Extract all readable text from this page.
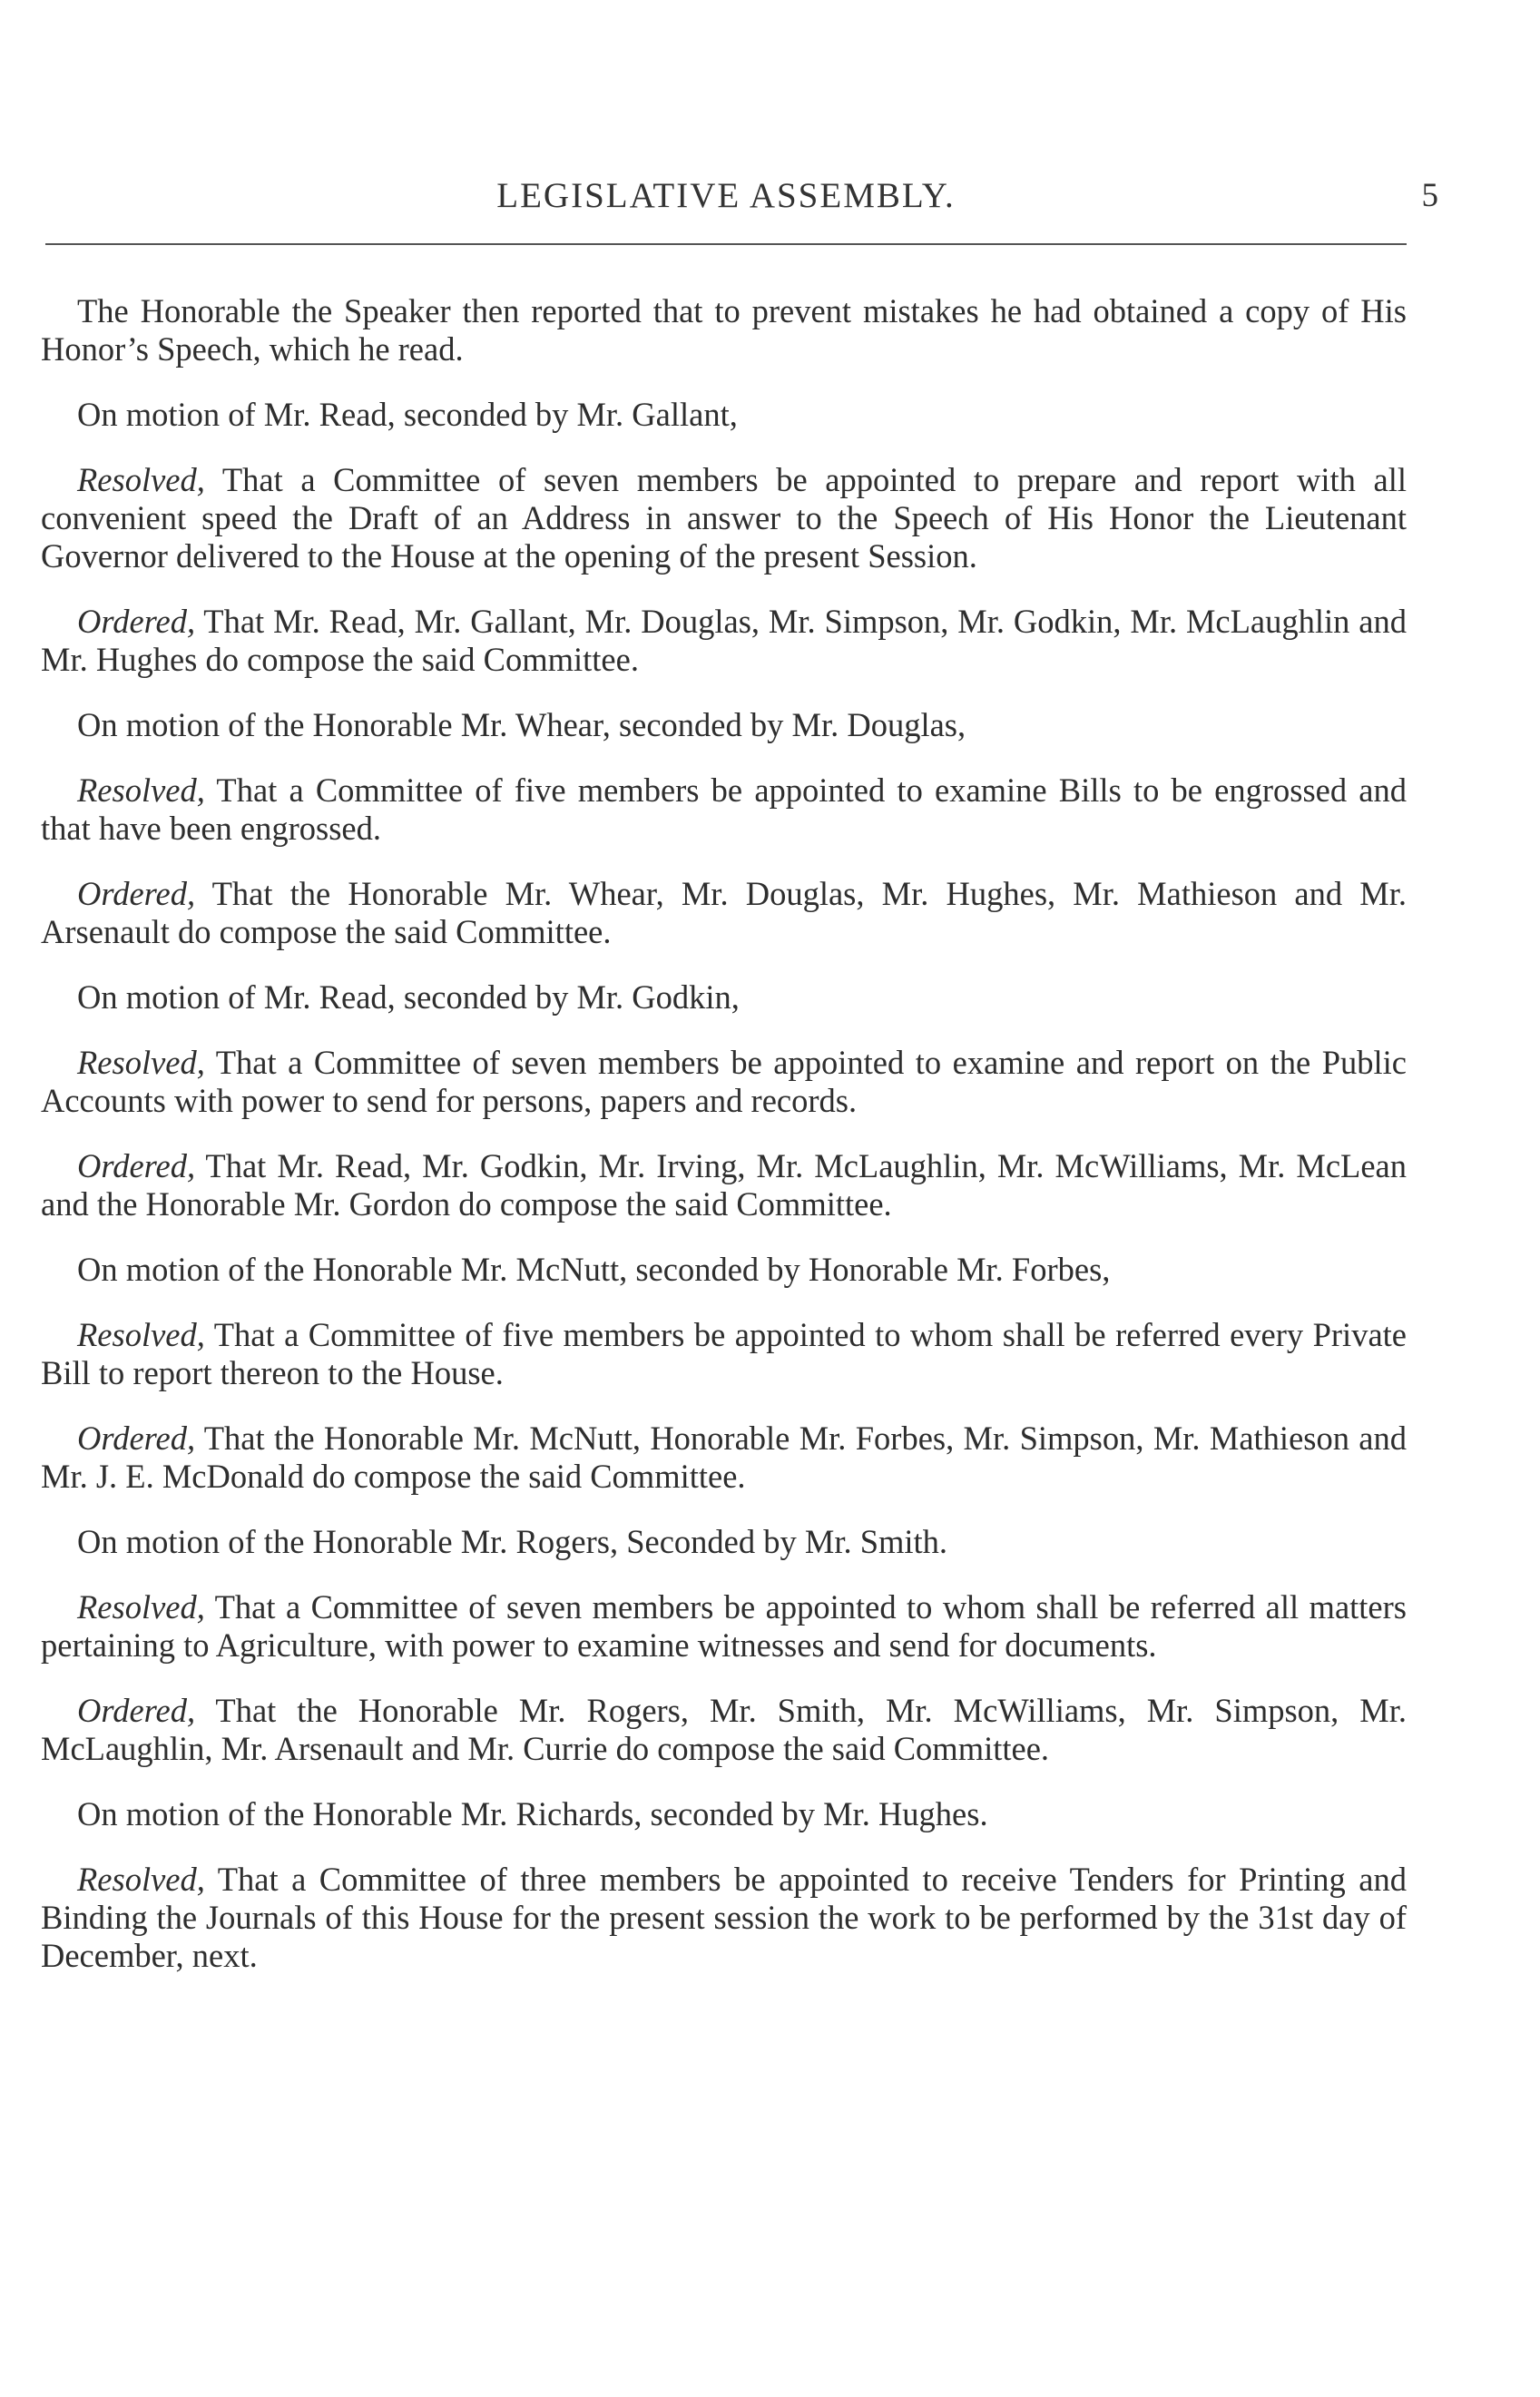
LEGISLATIVE ASSEMBLY.	5

The Honorable the Speaker then reported that to prevent mistakes he had obtained a copy of His Honor’s Speech, which he read.

On motion of Mr. Read, seconded by Mr. Gallant,

Resolved, That a Committee of seven members be appointed to prepare and report with all convenient speed the Draft of an Address in answer to the Speech of His Honor the Lieutenant Governor delivered to the House at the opening of the present Session.

Ordered, That Mr. Read, Mr. Gallant, Mr. Douglas, Mr. Simpson, Mr. Godkin, Mr. McLaughlin and Mr. Hughes do compose the said Committee.

On motion of the Honorable Mr. Whear, seconded by Mr. Douglas,

Resolved, That a Committee of five members be appointed to examine Bills to be engrossed and that have been engrossed.

Ordered, That the Honorable Mr. Whear, Mr. Douglas, Mr. Hughes, Mr. Mathieson and Mr. Arsenault do compose the said Committee.

On motion of Mr. Read, seconded by Mr. Godkin,

Resolved, That a Committee of seven members be appointed to examine and report on the Public Accounts with power to send for persons, papers and records.

Ordered, That Mr. Read, Mr. Godkin, Mr. Irving, Mr. McLaughlin, Mr. McWilliams, Mr. McLean and the Honorable Mr. Gordon do compose the said Committee.

On motion of the Honorable Mr. McNutt, seconded by Honorable Mr. Forbes,

Resolved, That a Committee of five members be appointed to whom shall be referred every Private Bill to report thereon to the House.

Ordered, That the Honorable Mr. McNutt, Honorable Mr. Forbes, Mr. Simpson, Mr. Mathieson and Mr. J. E. McDonald do compose the said Committee.

On motion of the Honorable Mr. Rogers, Seconded by Mr. Smith.

Resolved, That a Committee of seven members be appointed to whom shall be referred all matters pertaining to Agriculture, with power to examine witnesses and send for documents.

Ordered, That the Honorable Mr. Rogers, Mr. Smith, Mr. McWilliams, Mr. Simpson, Mr. McLaughlin, Mr. Arsenault and Mr. Currie do compose the said Committee.

On motion of the Honorable Mr. Richards, seconded by Mr. Hughes.

Resolved, That a Committee of three members be appointed to receive Tenders for Printing and Binding the Journals of this House for the present session the work to be performed by the 31st day of December, next.
